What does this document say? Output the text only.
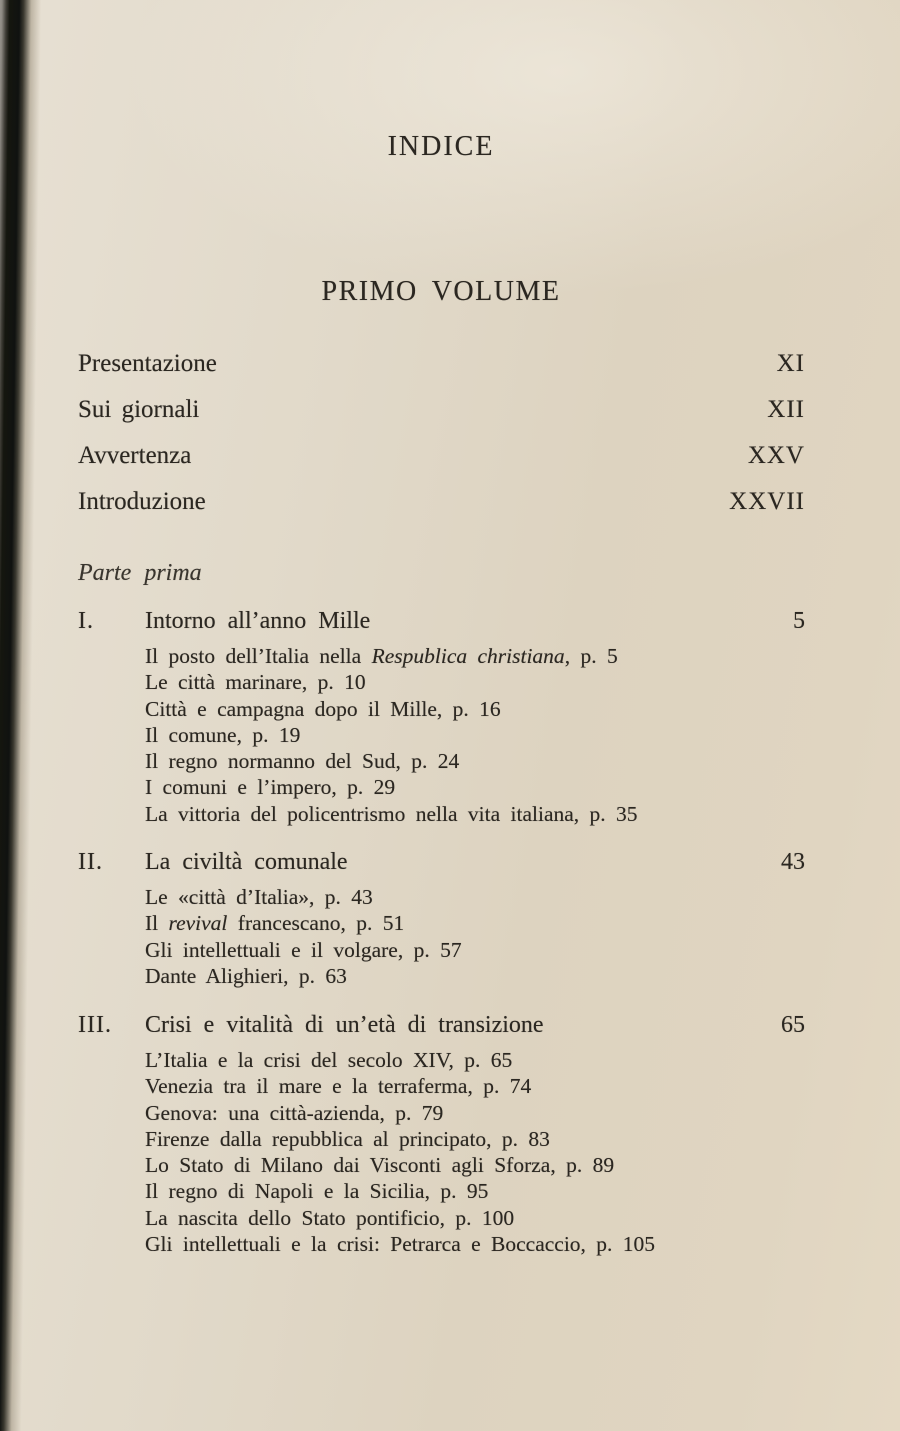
INDICE
PRIMO VOLUME
Presentazione	XI
Sui giornali	XII
Avvertenza	XXV
Introduzione	XXVII
Parte prima
I. Intorno all’anno Mille	5
Il posto dell’Italia nella Respublica christiana, p. 5
Le città marinare, p. 10
Città e campagna dopo il Mille, p. 16
Il comune, p. 19
Il regno normanno del Sud, p. 24
I comuni e l’impero, p. 29
La vittoria del policentrismo nella vita italiana, p. 35
II. La civiltà comunale	43
Le «città d’Italia», p. 43
Il revival francescano, p. 51
Gli intellettuali e il volgare, p. 57
Dante Alighieri, p. 63
III. Crisi e vitalità di un’età di transizione	65
L’Italia e la crisi del secolo XIV, p. 65
Venezia tra il mare e la terraferma, p. 74
Genova: una città-azienda, p. 79
Firenze dalla repubblica al principato, p. 83
Lo Stato di Milano dai Visconti agli Sforza, p. 89
Il regno di Napoli e la Sicilia, p. 95
La nascita dello Stato pontificio, p. 100
Gli intellettuali e la crisi: Petrarca e Boccaccio, p. 105
